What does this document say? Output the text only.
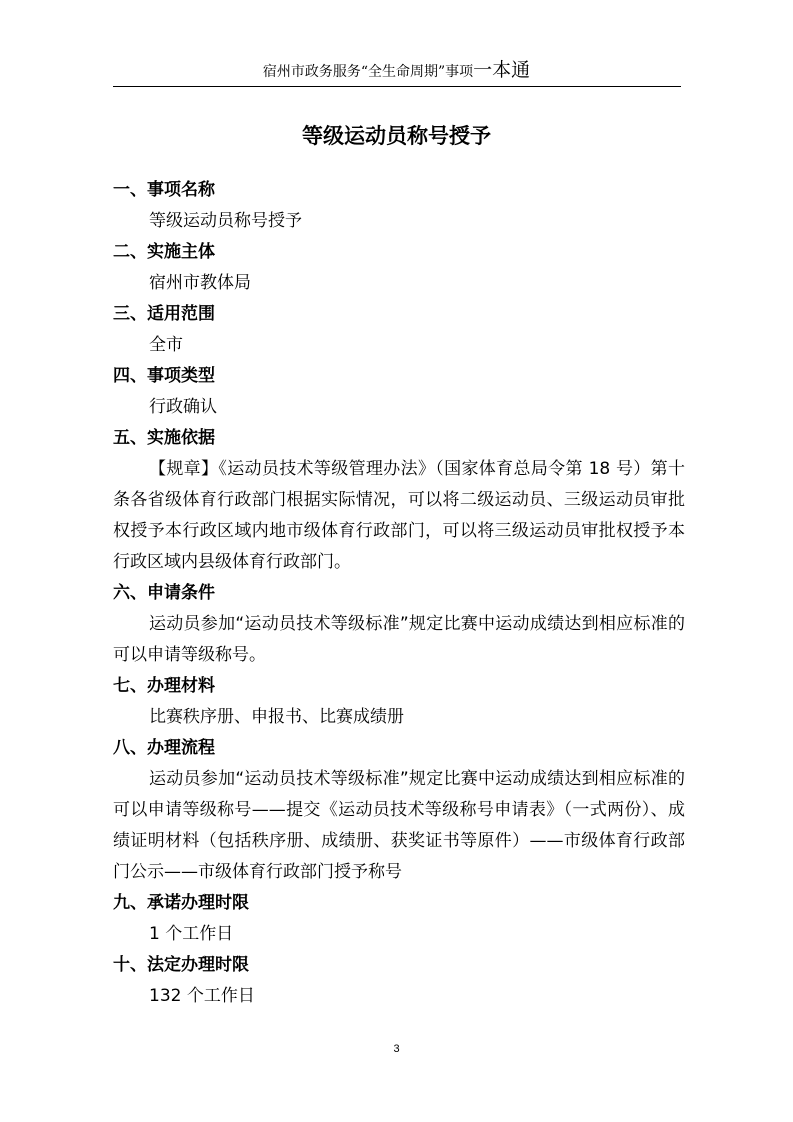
宿州市政务服务“全生命周期”事项一本通
等级运动员称号授予
一、事项名称
等级运动员称号授予
二、实施主体
宿州市教体局
三、适用范围
全市
四、事项类型
行政确认
五、实施依据
【规章】《运动员技术等级管理办法》（国家体育总局令第 18 号）第十条各省级体育行政部门根据实际情况，可以将二级运动员、三级运动员审批权授予本行政区域内地市级体育行政部门，可以将三级运动员审批权授予本行政区域内县级体育行政部门。
六、申请条件
运动员参加“运动员技术等级标准”规定比赛中运动成绩达到相应标准的可以申请等级称号。
七、办理材料
比赛秩序册、申报书、比赛成绩册
八、办理流程
运动员参加“运动员技术等级标准”规定比赛中运动成绩达到相应标准的可以申请等级称号——提交《运动员技术等级称号申请表》（一式两份）、成绩证明材料（包括秩序册、成绩册、获奖证书等原件）——市级体育行政部门公示——市级体育行政部门授予称号
九、承诺办理时限
1 个工作日
十、法定办理时限
132 个工作日
3
